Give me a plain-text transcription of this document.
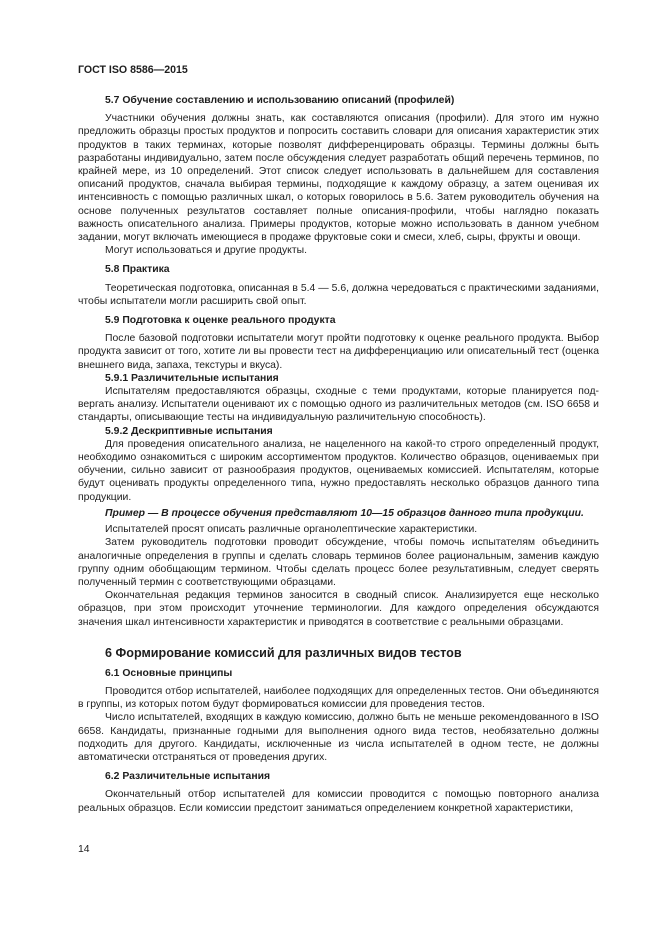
ГОСТ ISO 8586—2015
5.7 Обучение составлению и использованию описаний (профилей)

Участники обучения должны знать, как составляются описания (профили). Для этого им нужно предложить образцы простых продуктов и попросить составить словари для описания характеристик этих продуктов в таких терминах, которые позволят дифференцировать образцы. Термины должны быть разработаны индивидуально, затем после обсуждения следует разработать общий перечень терминов, по крайней мере, из 10 определений. Этот список следует использовать в дальнейшем для составления описаний продуктов, сначала выбирая термины, подходящие к каждому образцу, а затем оценивая их интенсивность с помощью различных шкал, о которых говорилось в 5.6. Затем руководитель обучения на основе полученных результатов составляет полные описания-профили, чтобы наглядно показать важность описательного анализа. Примеры продуктов, которые можно использовать в данном учебном задании, могут включать имеющиеся в продаже фруктовые соки и смеси, хлеб, сыры, фрукты и овощи.

Могут использоваться и другие продукты.

5.8 Практика

Теоретическая подготовка, описанная в 5.4 — 5.6, должна чередоваться с практическими заданиями, чтобы испытатели могли расширить свой опыт.

5.9 Подготовка к оценке реального продукта

После базовой подготовки испытатели могут пройти подготовку к оценке реального продукта. Выбор продукта зависит от того, хотите ли вы провести тест на дифференциацию или описательный тест (оценка внешнего вида, запаха, текстуры и вкуса).

5.9.1 Различительные испытания

Испытателям предоставляются образцы, сходные с теми продуктами, которые планируется подвергать анализу. Испытатели оценивают их с помощью одного из различительных методов (см. ISO 6658 и стандарты, описывающие тесты на индивидуальную различительную способность).

5.9.2 Дескриптивные испытания

Для проведения описательного анализа, не нацеленного на какой-то строго определенный продукт, необходимо ознакомиться с широким ассортиментом продуктов. Количество образцов, оцениваемых при обучении, сильно зависит от разнообразия продуктов, оцениваемых комиссией. Испытателям, которые будут оценивать продукты определенного типа, нужно предоставлять несколько образцов данного типа продукции.

Пример — В процессе обучения представляют 10—15 образцов данного типа продукции.

Испытателей просят описать различные органолептические характеристики.

Затем руководитель подготовки проводит обсуждение, чтобы помочь испытателям объединить аналогичные определения в группы и сделать словарь терминов более рациональным, заменив каждую группу одним обобщающим термином. Чтобы сделать процесс более результативным, следует сверять полученный термин с соответствующими образцами.

Окончательная редакция терминов заносится в сводный список. Анализируется еще несколько образцов, при этом происходит уточнение терминологии. Для каждого определения обсуждаются значения шкал интенсивности характеристик и приводятся в соответствие с реальными образцами.

6 Формирование комиссий для различных видов тестов
6.1 Основные принципы

Проводится отбор испытателей, наиболее подходящих для определенных тестов. Они объединяются в группы, из которых потом будут формироваться комиссии для проведения тестов.

Число испытателей, входящих в каждую комиссию, должно быть не меньше рекомендованного в ISO 6658. Кандидаты, признанные годными для выполнения одного вида тестов, необязательно должны подходить для другого. Кандидаты, исключенные из числа испытателей в одном тесте, не должны автоматически отстраняться от проведения других.

6.2 Различительные испытания

Окончательный отбор испытателей для комиссии проводится с помощью повторного анализа реальных образцов. Если комиссии предстоит заниматься определением конкретной характеристики,

14
